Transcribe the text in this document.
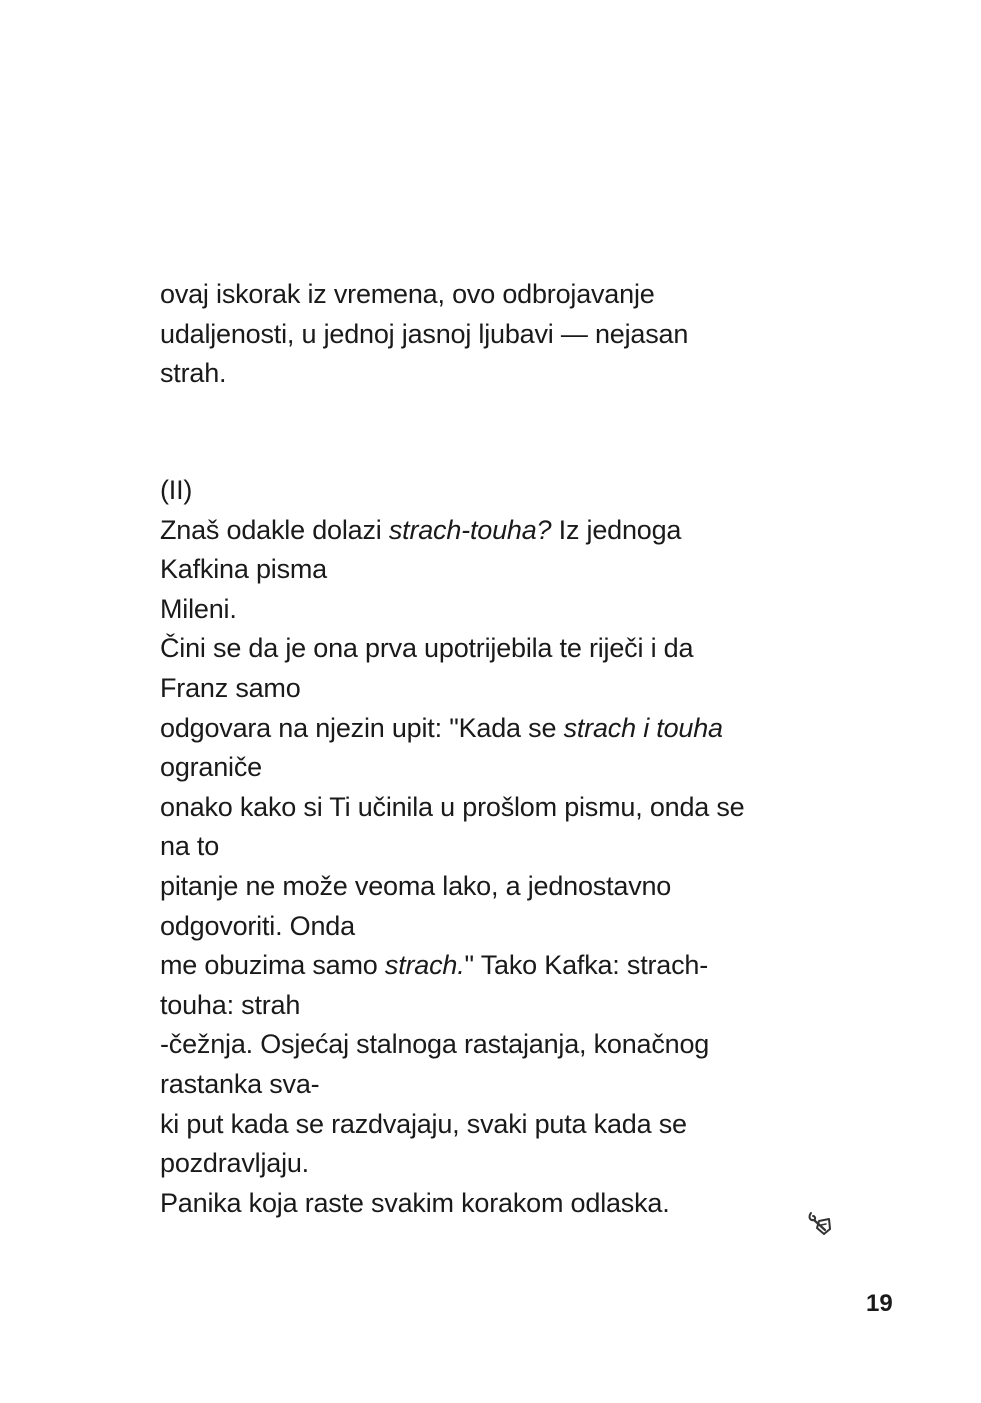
ovaj iskorak iz vremena, ovo odbrojavanje
udaljenosti, u jednoj jasnoj ljubavi — nejasan
strah.
(II)
Znaš odakle dolazi strach-touha? Iz jednoga
Kafkina pisma
Mileni.
Čini se da je ona prva upotrijebila te riječi i da
Franz samo
odgovara na njezin upit: "Kada se strach i touha
ograniče
onako kako si Ti učinila u prošlom pismu, onda se
na to
pitanje ne može veoma lako, a jednostavno
odgovoriti. Onda
me obuzima samo strach." Tako Kafka: strach-
touha: strah
-čežnja. Osjećaj stalnoga rastajanja, konačnog
rastanka sva-
ki put kada se razdvajaju, svaki puta kada se
pozdravljaju.
Panika koja raste svakim korakom odlaska.
19
